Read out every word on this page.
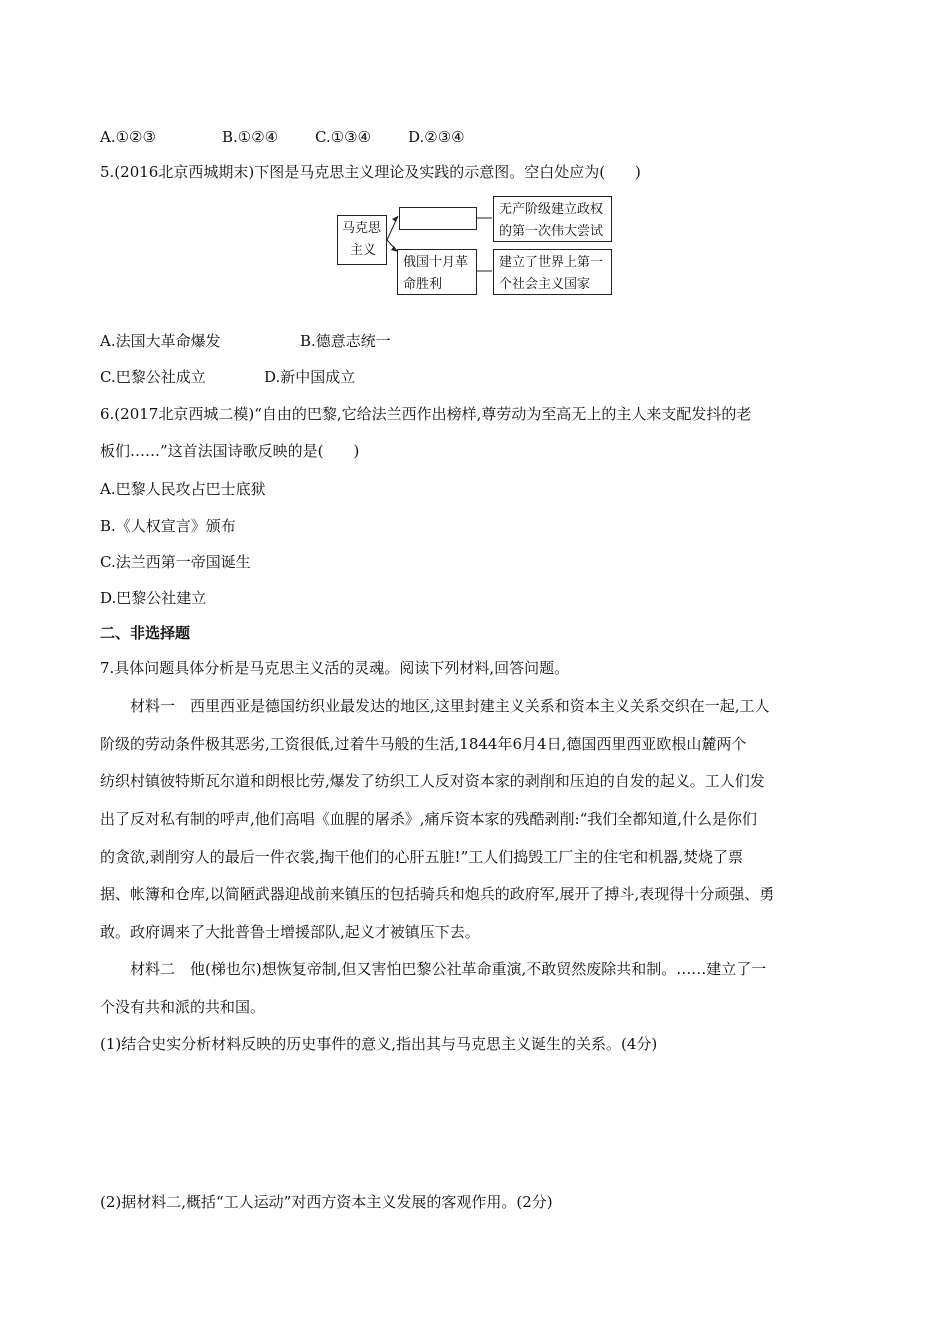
A.①②③	B.①②④ C.①③④ D.②③④
5.(2016北京西城期末)下图是马克思主义理论及实践的示意图。空白处应为(　　)
马克思
主义
无产阶级建立政权
的第一次伟大尝试
俄国十月革
命胜利
建立了世界上第一
个社会主义国家
A.法国大革命爆发	B.德意志统一
C.巴黎公社成立	D.新中国成立
6.(2017北京西城二模)“自由的巴黎,它给法兰西作出榜样,尊劳动为至高无上的主人来支配发抖的老
板们……”这首法国诗歌反映的是(　　)
A.巴黎人民攻占巴士底狱
B.《人权宣言》颁布
C.法兰西第一帝国诞生
D.巴黎公社建立
二、非选择题
7.具体问题具体分析是马克思主义活的灵魂。阅读下列材料,回答问题。
材料一　西里西亚是德国纺织业最发达的地区,这里封建主义关系和资本主义关系交织在一起,工人
阶级的劳动条件极其恶劣,工资很低,过着牛马般的生活,1844年6月4日,德国西里西亚欧根山麓两个
纺织村镇彼特斯瓦尔道和朗根比劳,爆发了纺织工人反对资本家的剥削和压迫的自发的起义。工人们发
出了反对私有制的呼声,他们高唱《血腥的屠杀》,痛斥资本家的残酷剥削:“我们全都知道,什么是你们
的贪欲,剥削穷人的最后一件衣裳,掏干他们的心肝五脏!”工人们捣毁工厂主的住宅和机器,焚烧了票
据、帐簿和仓库,以简陋武器迎战前来镇压的包括骑兵和炮兵的政府军,展开了搏斗,表现得十分顽强、勇
敢。政府调来了大批普鲁士增援部队,起义才被镇压下去。
材料二　他(梯也尔)想恢复帝制,但又害怕巴黎公社革命重演,不敢贸然废除共和制。……建立了一
个没有共和派的共和国。
(1)结合史实分析材料反映的历史事件的意义,指出其与马克思主义诞生的关系。(4分)
(2)据材料二,概括“工人运动”对西方资本主义发展的客观作用。(2分)
